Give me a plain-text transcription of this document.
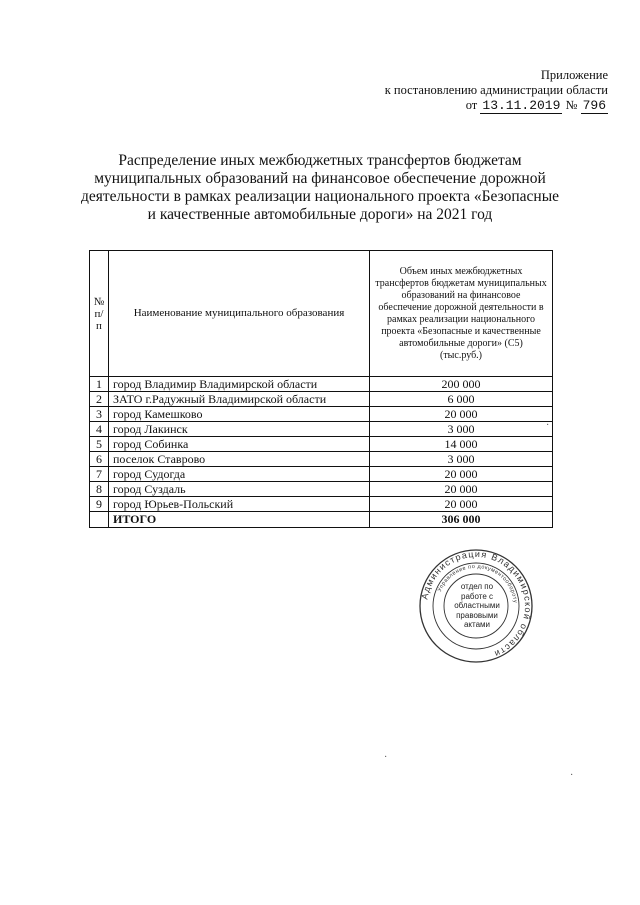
Приложение
к постановлению администрации области
от 13.11.2019 № 796
Распределение иных межбюджетных трансфертов бюджетам муниципальных образований на финансовое обеспечение дорожной деятельности в рамках реализации национального проекта «Безопасные и качественные автомобильные дороги» на 2021 год
№ п/п	Наименование муниципального образования	Объем иных межбюджетных трансфертов бюджетам муниципальных образований на финансовое обеспечение дорожной деятельности в рамках реализации национального проекта «Безопасные и качественные автомобильные дороги» (С5)
(тыс.руб.)

1	город Владимир Владимирской области	200 000
2	ЗАТО г.Радужный Владимирской области	6 000
3	город Камешково	20 000
4	город Лакинск	3 000
5	город Собинка	14 000
6	поселок Ставрово	3 000
7	город Судогда	20 000
8	город Суздаль	20 000
9	город Юрьев-Польский	20 000
	ИТОГО	306 000
Администрация Владимирской области
Управление по документообороту
отдел по работе с областными правовыми актами
·
·
·
